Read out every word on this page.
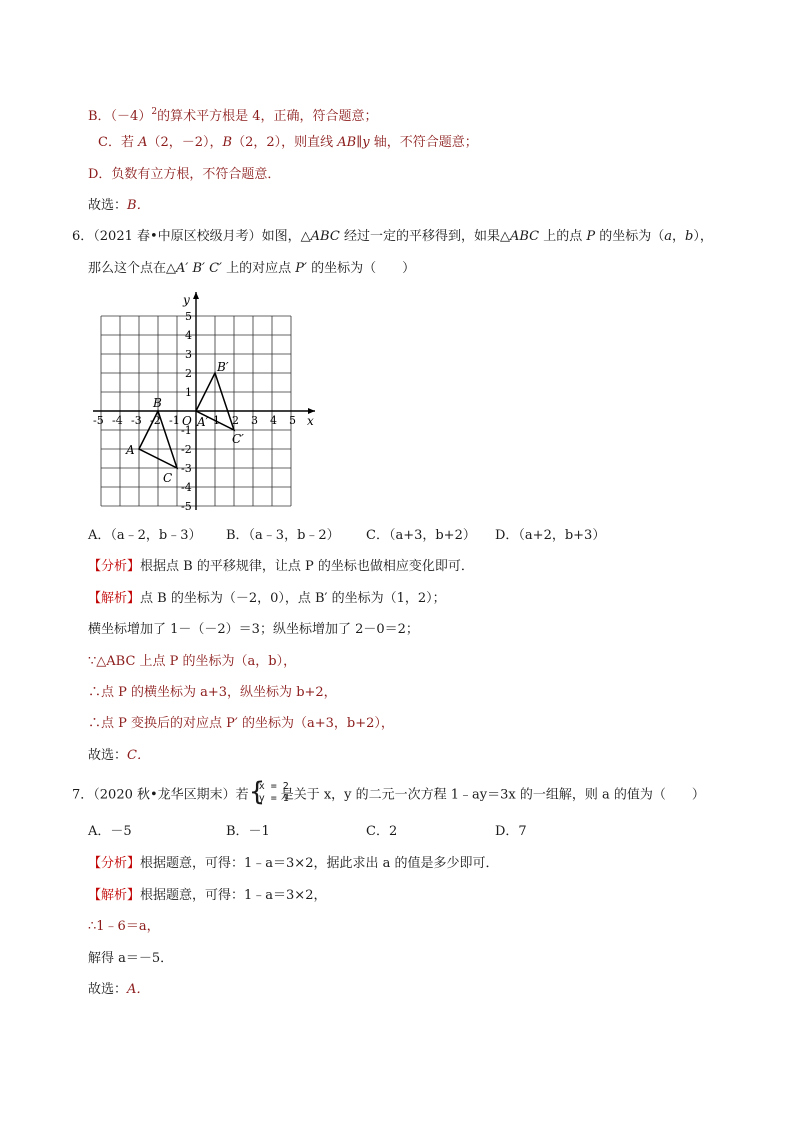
B．$(-4)^2$的算术平方根是 4，正确，符合题意；
C．若 A（2，－2），B（2，2），则直线 AB∥y 轴，不符合题意；
D．负数有立方根，不符合题意．
故选：B．
6．（2021 春•中原区校级月考）如图，△ABC 经过一定的平移得到，如果△ABC 上的点 P 的坐标为（a，b），
那么这个点在△A′ B′ C′ 上的对应点 P′ 的坐标为（　　）
-5 -4 -3 -2 -1	1 2 3 4 5
5
4
3
2
1
-1
-2
-3
-4
-5
x
y
O
A
B
C
A′
B′
C′
A．（a﹣2，b﹣3） B．（a﹣3，b﹣2） C．（a+3，b+2） D．（a+2，b+3）
【分析】根据点 B 的平移规律，让点 P 的坐标也做相应变化即可．
【解析】点 B 的坐标为（－2，0），点 B′ 的坐标为（1，2）；
横坐标增加了 1－（－2）＝3；纵坐标增加了 2－0＝2；
∵△ABC 上点 P 的坐标为（a，b），
∴点 P 的横坐标为 a+3，纵坐标为 b+2，
∴点 P 变换后的对应点 P′ 的坐标为（a+3，b+2），
故选：C．
7．（2020 秋•龙华区期末）若 {
x = 2
y = 1
是关于 x，y 的二元一次方程 1﹣ay＝3x 的一组解，则 a 的值为（　　）
A．－5	B．－1	C．2	D．7
【分析】根据题意，可得：1﹣a＝3×2，据此求出 a 的值是多少即可．
【解析】根据题意，可得：1﹣a＝3×2，
∴1﹣6＝a，
解得 a＝－5．
故选：A．
